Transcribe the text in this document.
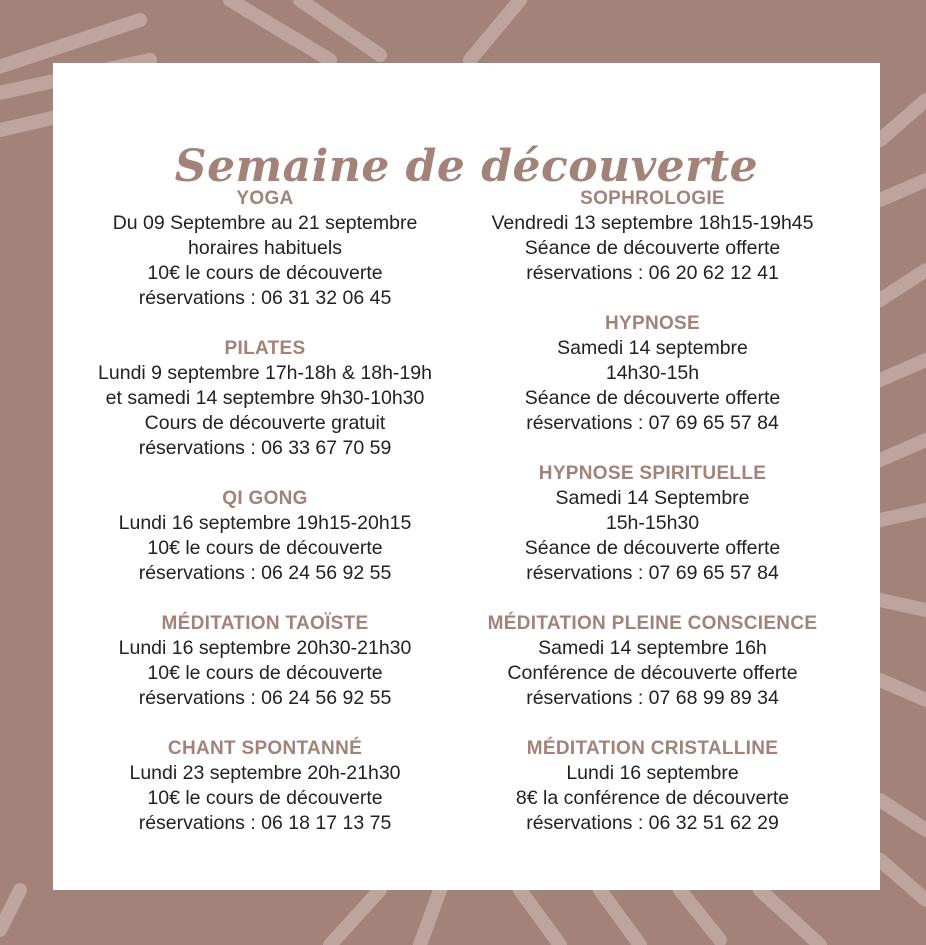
Semaine de découverte

YOGA

Du 09 Septembre au 21 septembre

horaires habituels

10€ le cours de découverte

réservations : 06 31 32 06 45

PILATES

Lundi 9 septembre 17h-18h & 18h-19h

et samedi 14 septembre 9h30-10h30

Cours de découverte gratuit

réservations : 06 33 67 70 59

QI GONG

Lundi 16 septembre 19h15-20h15

10€ le cours de découverte

réservations : 06 24 56 92 55

MÉDITATION TAOÏSTE

Lundi 16 septembre 20h30-21h30

10€ le cours de découverte

réservations : 06 24 56 92 55

CHANT SPONTANNÉ

Lundi 23 septembre 20h-21h30

10€ le cours de découverte

réservations : 06 18 17 13 75

SOPHROLOGIE

Vendredi 13 septembre 18h15-19h45

Séance de découverte offerte

réservations : 06 20 62 12 41

HYPNOSE

Samedi 14 septembre

14h30-15h

Séance de découverte offerte

réservations : 07 69 65 57 84

HYPNOSE SPIRITUELLE

Samedi 14 Septembre

15h-15h30

Séance de découverte offerte

réservations : 07 69 65 57 84

MÉDITATION PLEINE CONSCIENCE

Samedi 14 septembre 16h

Conférence de découverte offerte

réservations : 07 68 99 89 34

MÉDITATION CRISTALLINE

Lundi 16 septembre

8€ la conférence de découverte

réservations : 06 32 51 62 29
